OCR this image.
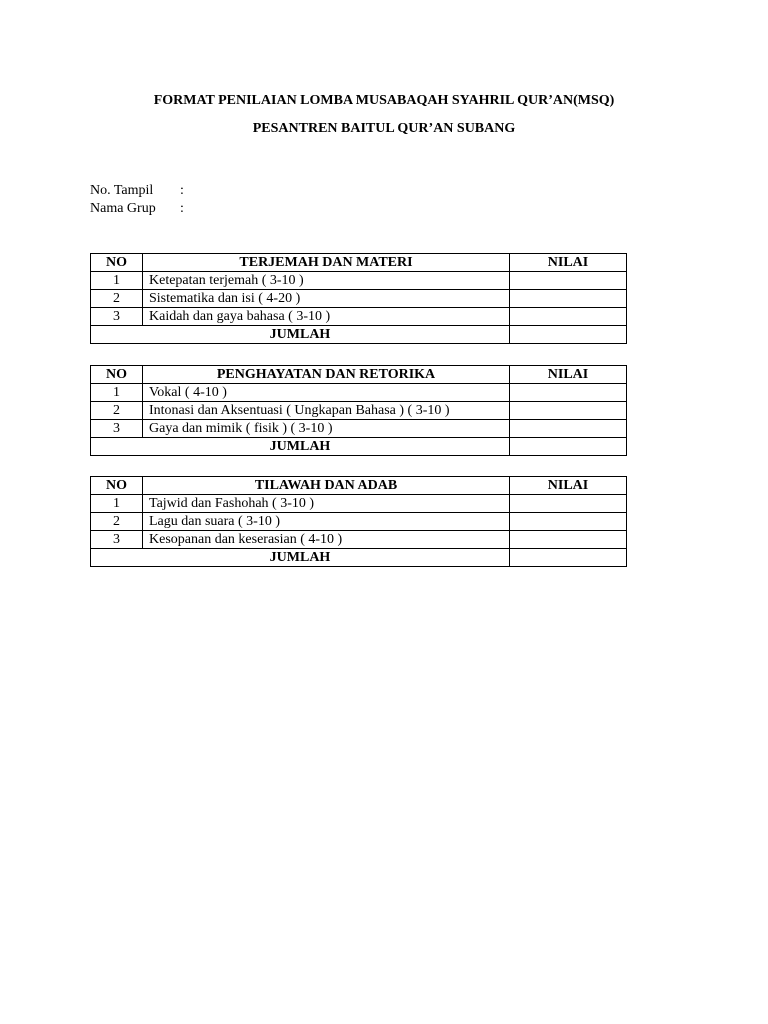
FORMAT PENILAIAN LOMBA MUSABAQAH SYAHRIL QUR’AN(MSQ)
PESANTREN BAITUL QUR’AN SUBANG
No. Tampil :
Nama Grup :
NO	TERJEMAH DAN MATERI	NILAI
1	Ketepatan terjemah ( 3-10 )	
2	Sistematika dan isi ( 4-20 )	
3	Kaidah dan gaya bahasa ( 3-10 )	
JUMLAH		
NO	PENGHAYATAN DAN RETORIKA	NILAI
1	Vokal ( 4-10 )	
2	Intonasi dan Aksentuasi ( Ungkapan Bahasa ) ( 3-10 )	
3	Gaya dan mimik ( fisik ) ( 3-10 )	
JUMLAH		
NO	TILAWAH DAN ADAB	NILAI
1	Tajwid dan Fashohah ( 3-10 )	
2	Lagu dan suara ( 3-10 )	
3	Kesopanan dan keserasian ( 4-10 )	
JUMLAH		
